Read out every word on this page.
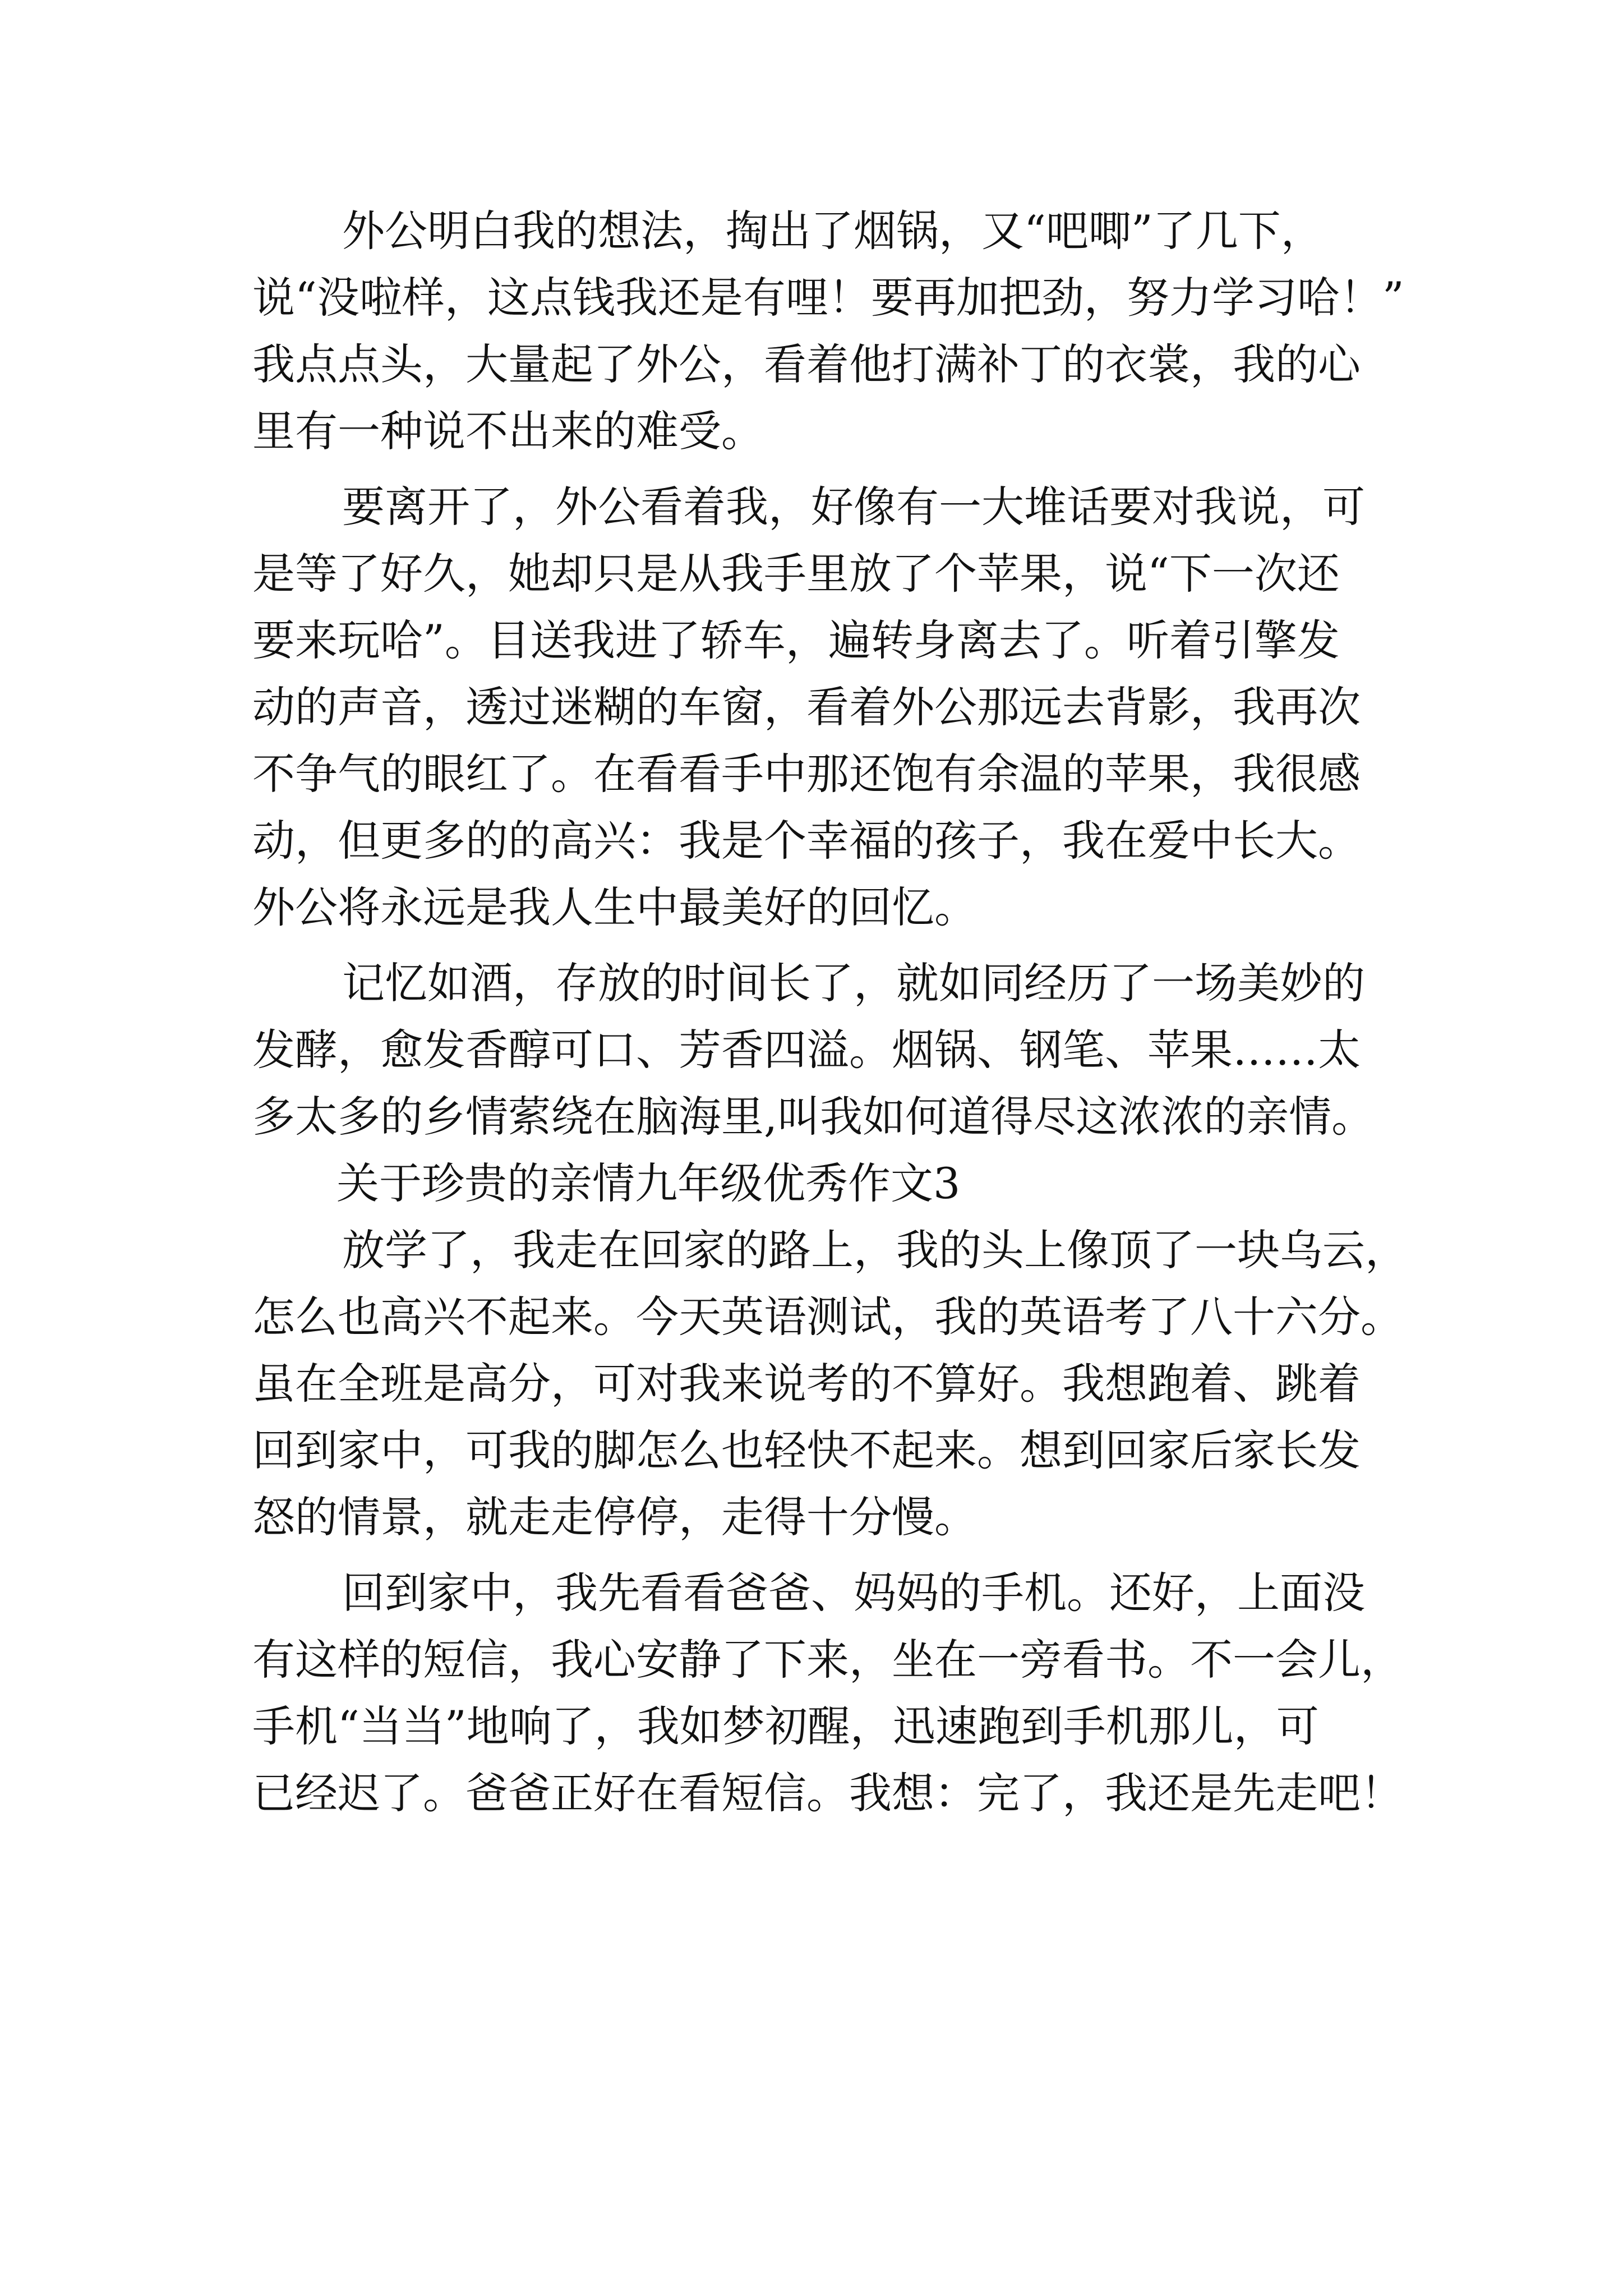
外公明白我的想法，掏出了烟锅，又“吧唧”了几下，
说“没啦样，这点钱我还是有哩！要再加把劲，努力学习哈！”
我点点头，大量起了外公，看着他打满补丁的衣裳，我的心
里有一种说不出来的难受。
要离开了，外公看着我，好像有一大堆话要对我说，可
是等了好久，她却只是从我手里放了个苹果，说“下一次还
要来玩哈”。目送我进了轿车，遍转身离去了。听着引擎发
动的声音，透过迷糊的车窗，看着外公那远去背影，我再次
不争气的眼红了。在看看手中那还饱有余温的苹果，我很感
动，但更多的的高兴：我是个幸福的孩子，我在爱中长大。
外公将永远是我人生中最美好的回忆。
记忆如酒，存放的时间长了，就如同经历了一场美妙的
发酵，愈发香醇可口、芳香四溢。烟锅、钢笔、苹果……太
多太多的乡情萦绕在脑海里,叫我如何道得尽这浓浓的亲情。
关于珍贵的亲情九年级优秀作文3
放学了，我走在回家的路上，我的头上像顶了一块乌云，
怎么也高兴不起来。今天英语测试，我的英语考了八十六分。
虽在全班是高分，可对我来说考的不算好。我想跑着、跳着
回到家中，可我的脚怎么也轻快不起来。想到回家后家长发
怒的情景，就走走停停，走得十分慢。
回到家中，我先看看爸爸、妈妈的手机。还好，上面没
有这样的短信，我心安静了下来，坐在一旁看书。不一会儿，
手机“当当”地响了，我如梦初醒，迅速跑到手机那儿，可
已经迟了。爸爸正好在看短信。我想：完了，我还是先走吧！
